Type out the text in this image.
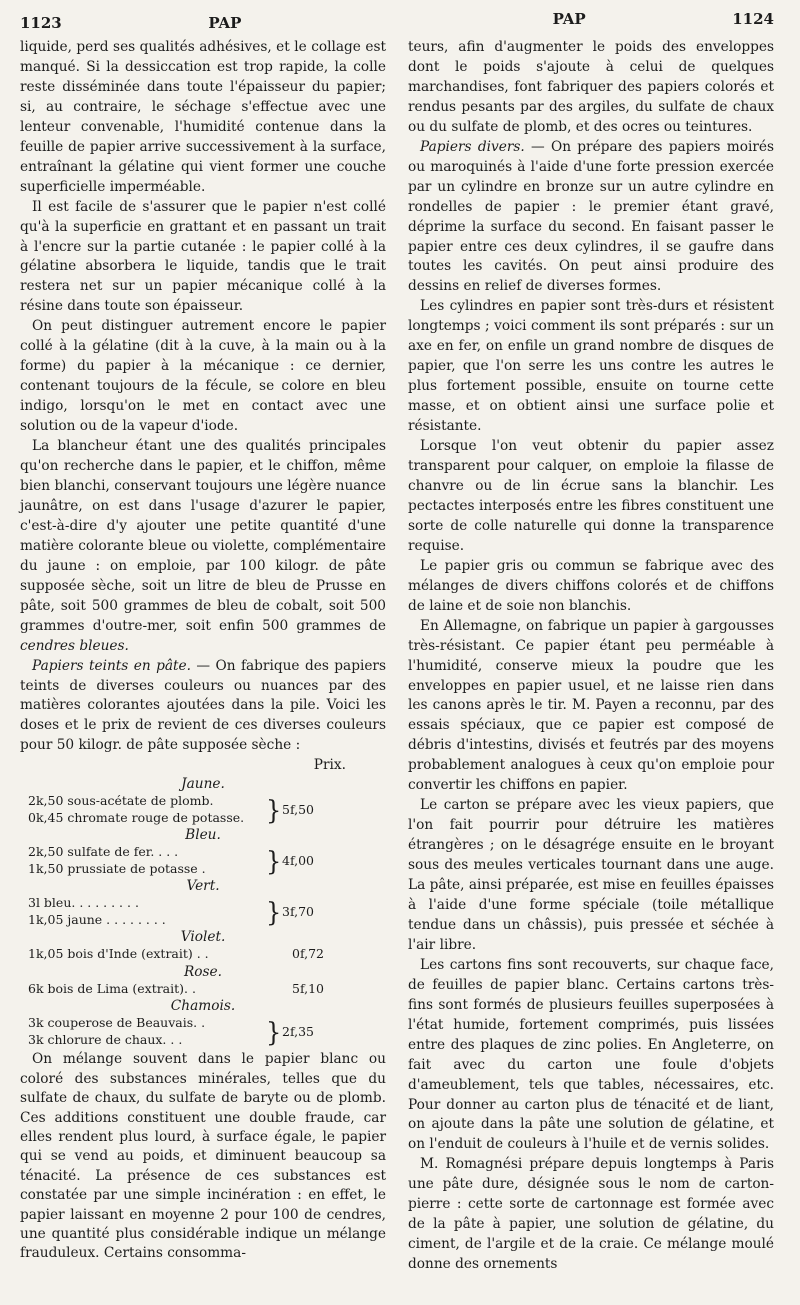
1123	PAP	PAP	1124

liquide, perd ses qualités adhésives, et le collage est manqué. Si la dessiccation est trop rapide, la colle reste disséminée dans toute l'épaisseur du papier; si, au contraire, le séchage s'effectue avec une lenteur convenable, l'humidité contenue dans la feuille de papier arrive successivement à la surface, entraînant la gélatine qui vient former une couche superficielle imperméable.

Il est facile de s'assurer que le papier n'est collé qu'à la superficie en grattant et en passant un trait à l'encre sur la partie cutanée : le papier collé à la gélatine absorbera le liquide, tandis que le trait restera net sur un papier mécanique collé à la résine dans toute son épaisseur.

On peut distinguer autrement encore le papier collé à la gélatine (dit à la cuve, à la main ou à la forme) du papier à la mécanique : ce dernier, contenant toujours de la fécule, se colore en bleu indigo, lorsqu'on le met en contact avec une solution ou de la vapeur d'iode.

La blancheur étant une des qualités principales qu'on recherche dans le papier, et le chiffon, même bien blanchi, conservant toujours une légère nuance jaunâtre, on est dans l'usage d'azurer le papier, c'est-à-dire d'y ajouter une petite quantité d'une matière colorante bleue ou violette, complémentaire du jaune : on emploie, par 100 kilogr. de pâte supposée sèche, soit un litre de bleu de Prusse en pâte, soit 500 grammes de bleu de cobalt, soit 500 grammes d'outre-mer, soit enfin 500 grammes de cendres bleues.

Papiers teints en pâte. — On fabrique des papiers teints de diverses couleurs ou nuances par des matières colorantes ajoutées dans la pile. Voici les doses et le prix de revient de ces diverses couleurs pour 50 kilogr. de pâte supposée sèche :

Prix.
Jaune.
2k,50 sous-acétate de plomb.
0k,45 chromate rouge de potasse. } 5f,50
Bleu.
2k,50 sulfate de fer. . . .
1k,50 prussiate de potasse .	} 4f,00
Vert.
3l bleu. . . . . . . . .
1k,05 jaune . . . . . . . .	} 3f,70
Violet.
1k,05 bois d'Inde (extrait) . .	0f,72
Rose.
6k bois de Lima (extrait). .	5f,10
Chamois.
3k couperose de Beauvais. .
3k chlorure de chaux. . .	} 2f,35

On mélange souvent dans le papier blanc ou coloré des substances minérales, telles que du sulfate de chaux, du sulfate de baryte ou de plomb. Ces additions constituent une double fraude, car elles rendent plus lourd, à surface égale, le papier qui se vend au poids, et diminuent beaucoup sa ténacité. La présence de ces substances est constatée par une simple incinération : en effet, le papier laissant en moyenne 2 pour 100 de cendres, une quantité plus considérable indique un mélange frauduleux. Certains consomma-

teurs, afin d'augmenter le poids des enveloppes dont le poids s'ajoute à celui de quelques marchandises, font fabriquer des papiers colorés et rendus pesants par des argiles, du sulfate de chaux ou du sulfate de plomb, et des ocres ou teintures.

Papiers divers. — On prépare des papiers moirés ou maroquinés à l'aide d'une forte pression exercée par un cylindre en bronze sur un autre cylindre en rondelles de papier : le premier étant gravé, déprime la surface du second. En faisant passer le papier entre ces deux cylindres, il se gaufre dans toutes les cavités. On peut ainsi produire des dessins en relief de diverses formes.

Les cylindres en papier sont très-durs et résistent longtemps ; voici comment ils sont préparés : sur un axe en fer, on enfile un grand nombre de disques de papier, que l'on serre les uns contre les autres le plus fortement possible, ensuite on tourne cette masse, et on obtient ainsi une surface polie et résistante.

Lorsque l'on veut obtenir du papier assez transparent pour calquer, on emploie la filasse de chanvre ou de lin écrue sans la blanchir. Les pectactes interposés entre les fibres constituent une sorte de colle naturelle qui donne la transparence requise.

Le papier gris ou commun se fabrique avec des mélanges de divers chiffons colorés et de chiffons de laine et de soie non blanchis.

En Allemagne, on fabrique un papier à gargousses très-résistant. Ce papier étant peu perméable à l'humidité, conserve mieux la poudre que les enveloppes en papier usuel, et ne laisse rien dans les canons après le tir. M. Payen a reconnu, par des essais spéciaux, que ce papier est composé de débris d'intestins, divisés et feutrés par des moyens probablement analogues à ceux qu'on emploie pour convertir les chiffons en papier.

Le carton se prépare avec les vieux papiers, que l'on fait pourrir pour détruire les matières étrangères ; on le désagrége ensuite en le broyant sous des meules verticales tournant dans une auge. La pâte, ainsi préparée, est mise en feuilles épaisses à l'aide d'une forme spéciale (toile métallique tendue dans un châssis), puis pressée et séchée à l'air libre.

Les cartons fins sont recouverts, sur chaque face, de feuilles de papier blanc. Certains cartons très-fins sont formés de plusieurs feuilles superposées à l'état humide, fortement comprimés, puis lissées entre des plaques de zinc polies. En Angleterre, on fait avec du carton une foule d'objets d'ameublement, tels que tables, nécessaires, etc. Pour donner au carton plus de ténacité et de liant, on ajoute dans la pâte une solution de gélatine, et on l'enduit de couleurs à l'huile et de vernis solides.

M. Romagnési prépare depuis longtemps à Paris une pâte dure, désignée sous le nom de carton-pierre : cette sorte de cartonnage est formée avec de la pâte à papier, une solution de gélatine, du ciment, de l'argile et de la craie. Ce mélange moulé donne des ornements
